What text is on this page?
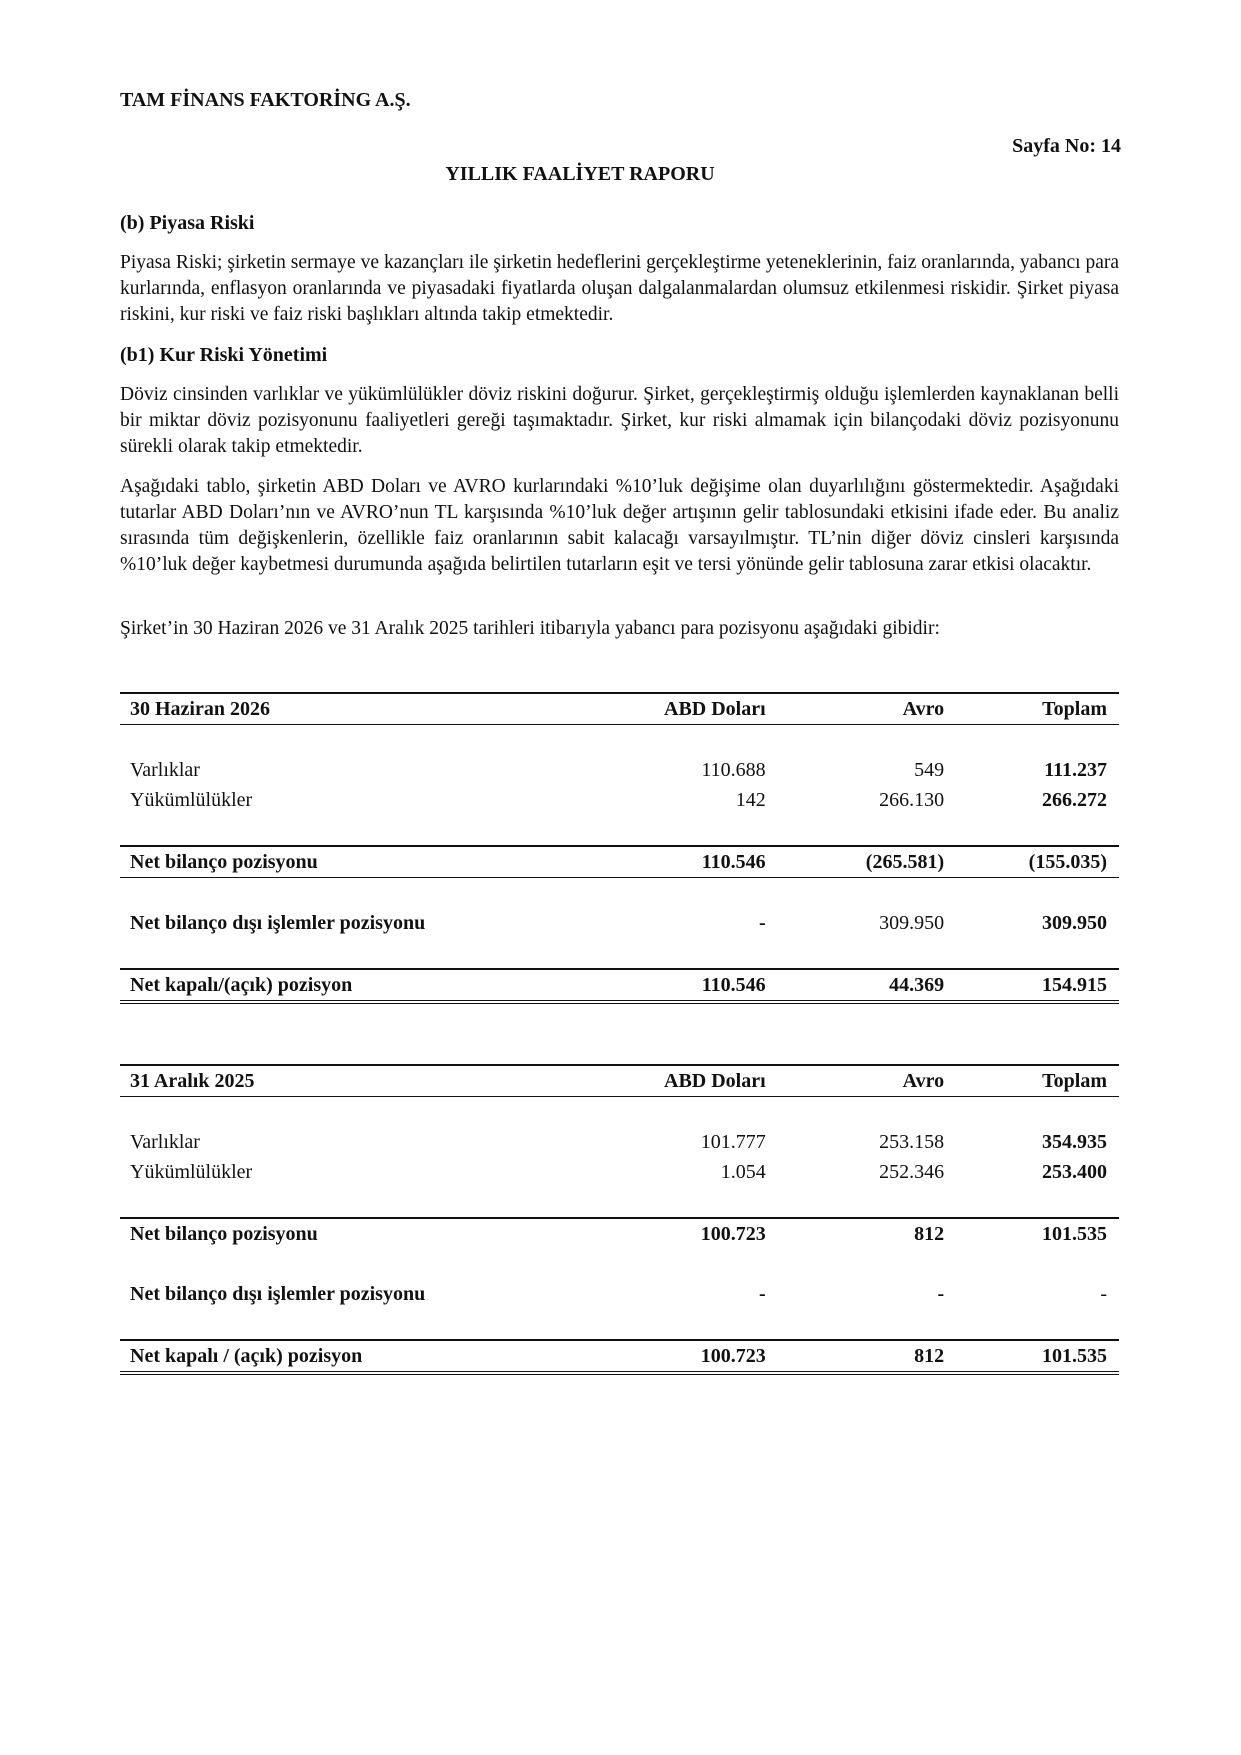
TAM FİNANS FAKTORİNG A.Ş.
Sayfa No: 14
YILLIK FAALİYET RAPORU
(b) Piyasa Riski
Piyasa Riski; şirketin sermaye ve kazançları ile şirketin hedeflerini gerçekleştirme yeteneklerinin, faiz oranlarında, yabancı para kurlarında, enflasyon oranlarında ve piyasadaki fiyatlarda oluşan dalgalanmalardan olumsuz etkilenmesi riskidir. Şirket piyasa riskini, kur riski ve faiz riski başlıkları altında takip etmektedir.
(b1) Kur Riski Yönetimi
Döviz cinsinden varlıklar ve yükümlülükler döviz riskini doğurur. Şirket, gerçekleştirmiş olduğu işlemlerden kaynaklanan belli bir miktar döviz pozisyonunu faaliyetleri gereği taşımaktadır. Şirket, kur riski almamak için bilançodaki döviz pozisyonunu sürekli olarak takip etmektedir.
Aşağıdaki tablo, şirketin ABD Doları ve AVRO kurlarındaki %10’luk değişime olan duyarlılığını göstermektedir. Aşağıdaki tutarlar ABD Doları’nın ve AVRO’nun TL karşısında %10’luk değer artışının gelir tablosundaki etkisini ifade eder. Bu analiz sırasında tüm değişkenlerin, özellikle faiz oranlarının sabit kalacağı varsayılmıştır. TL’nin diğer döviz cinsleri karşısında %10’luk değer kaybetmesi durumunda aşağıda belirtilen tutarların eşit ve tersi yönünde gelir tablosuna zarar etkisi olacaktır.
Şirket’in 30 Haziran 2026 ve 31 Aralık 2025 tarihleri itibarıyla yabancı para pozisyonu aşağıdaki gibidir:
30 Haziran 2026	ABD Doları	Avro	Toplam

Varlıklar	110.688	549	111.237
Yükümlülükler	142	266.130	266.272

Net bilanço pozisyonu	110.546	(265.581)	(155.035)

Net bilanço dışı işlemler pozisyonu	-	309.950	309.950

Net kapalı/(açık) pozisyon	110.546	44.369	154.915
31 Aralık 2025	ABD Doları	Avro	Toplam

Varlıklar	101.777	253.158	354.935
Yükümlülükler	1.054	252.346	253.400

Net bilanço pozisyonu	100.723	812	101.535

Net bilanço dışı işlemler pozisyonu	-	-	-

Net kapalı / (açık) pozisyon	100.723	812	101.535
